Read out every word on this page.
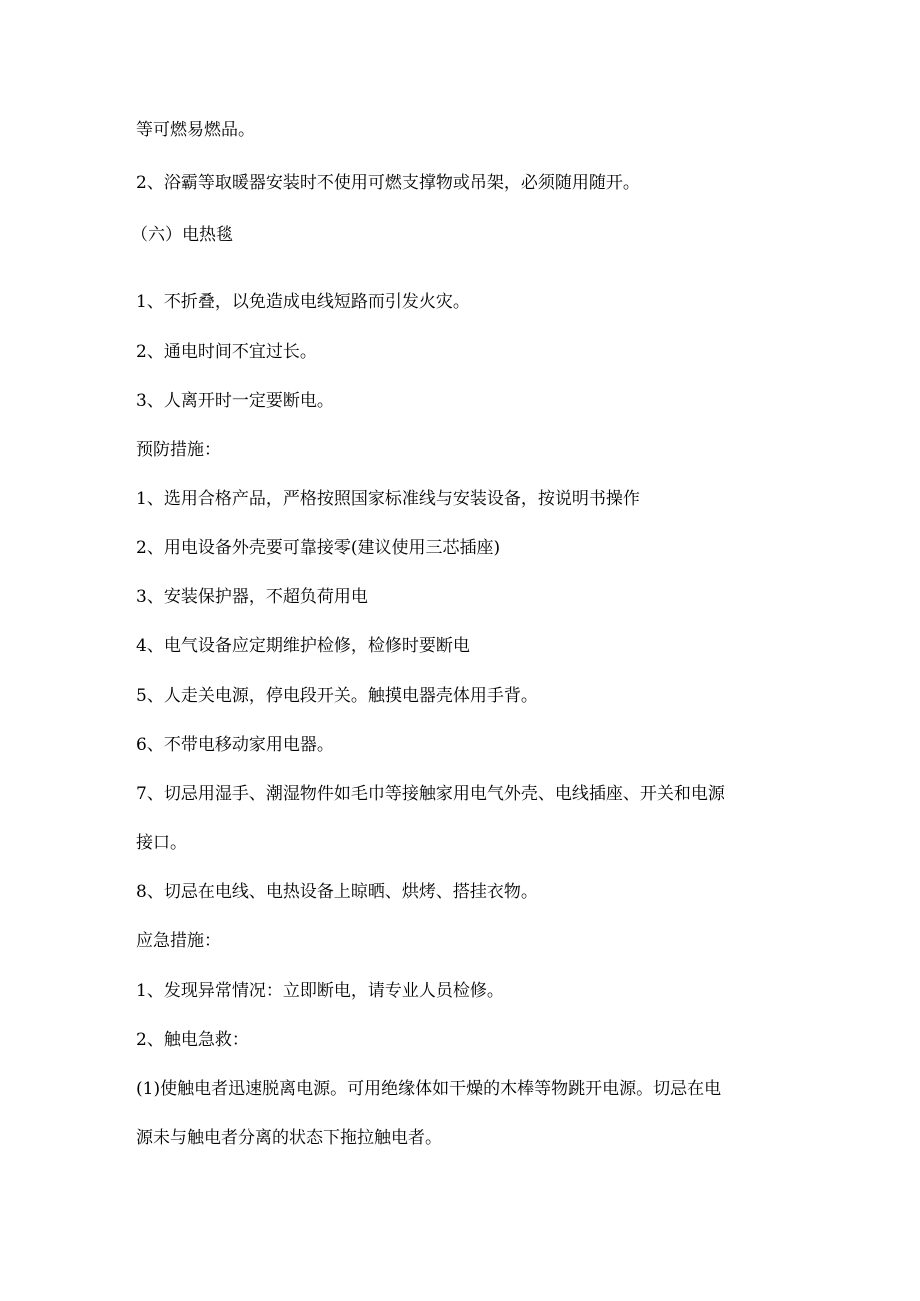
等可燃易燃品。
2、浴霸等取暖器安装时不使用可燃支撑物或吊架，必须随用随开。
（六）电热毯
1、不折叠，以免造成电线短路而引发火灾。
2、通电时间不宜过长。
3、人离开时一定要断电。
预防措施：
1、选用合格产品，严格按照国家标准线与安装设备，按说明书操作
2、用电设备外壳要可靠接零(建议使用三芯插座)
3、安装保护器，不超负荷用电
4、电气设备应定期维护检修，检修时要断电
5、人走关电源，停电段开关。触摸电器壳体用手背。
6、不带电移动家用电器。
7、切忌用湿手、潮湿物件如毛巾等接触家用电气外壳、电线插座、开关和电源
接口。
8、切忌在电线、电热设备上晾晒、烘烤、搭挂衣物。
应急措施：
1、发现异常情况：立即断电，请专业人员检修。
2、触电急救：
(1)使触电者迅速脱离电源。可用绝缘体如干燥的木棒等物跳开电源。切忌在电
源未与触电者分离的状态下拖拉触电者。
